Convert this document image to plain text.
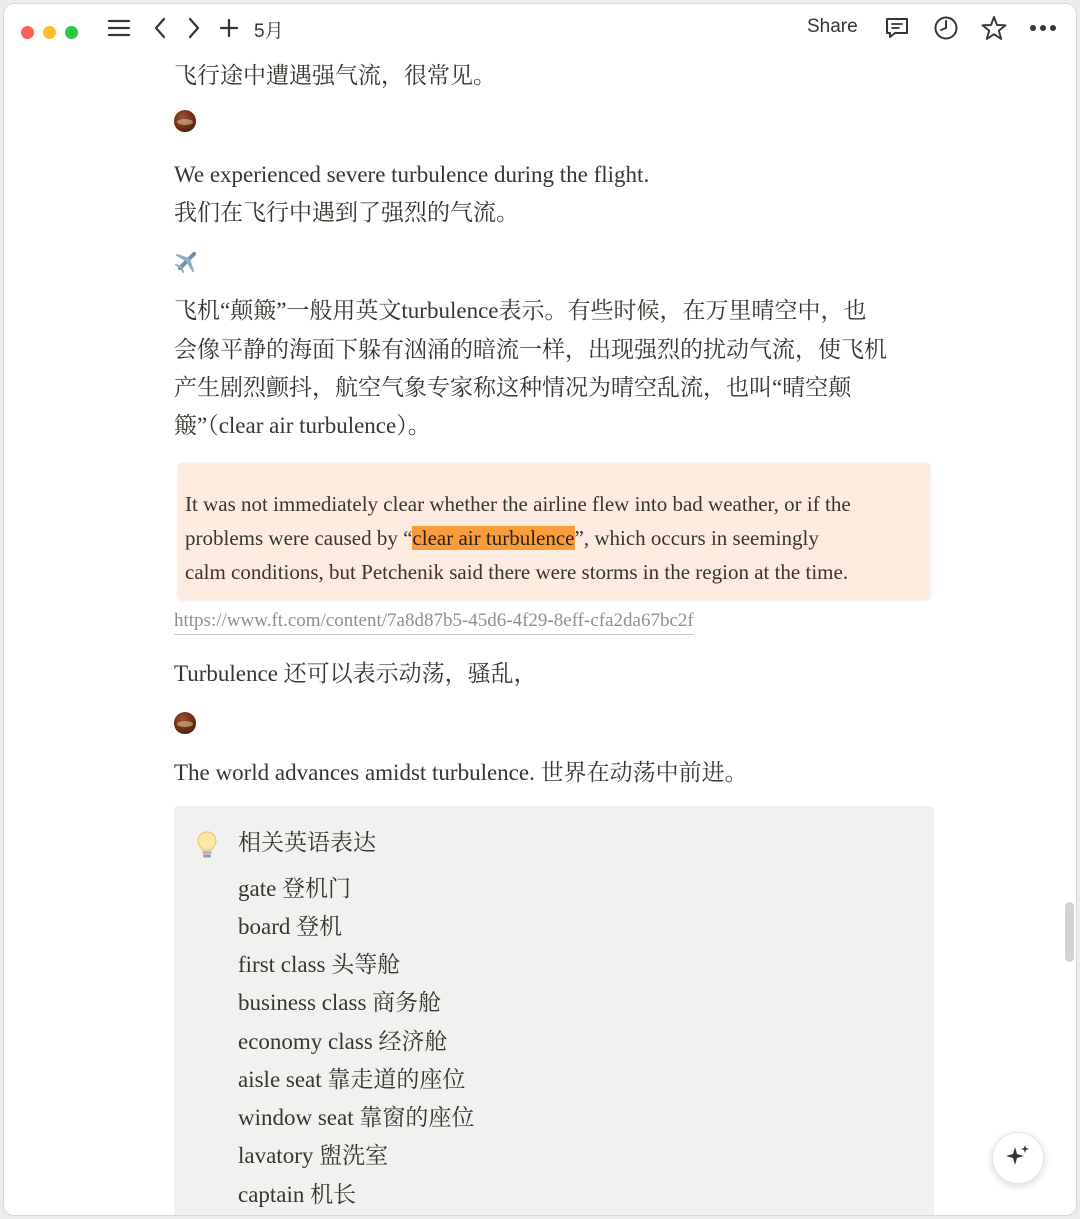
5月	Share
飞行途中遭遇强气流，很常见。
We experienced severe turbulence during the flight.
我们在飞行中遇到了强烈的气流。
飞机“颠簸”一般用英文turbulence表示。有些时候，在万里晴空中，也
会像平静的海面下躲有汹涌的暗流一样，出现强烈的扰动气流，使飞机
产生剧烈颤抖，航空气象专家称这种情况为晴空乱流，也叫“晴空颠
簸”（clear air turbulence）。
It was not immediately clear whether the airline flew into bad weather, or if the
problems were caused by “clear air turbulence”, which occurs in seemingly
calm conditions, but Petchenik said there were storms in the region at the time.
https://www.ft.com/content/7a8d87b5-45d6-4f29-8eff-cfa2da67bc2f
Turbulence 还可以表示动荡，骚乱，
The world advances amidst turbulence. 世界在动荡中前进。
相关英语表达
gate 登机门
board 登机
first class 头等舱
business class 商务舱
economy class 经济舱
aisle seat 靠走道的座位
window seat 靠窗的座位
lavatory 盥洗室
captain 机长
